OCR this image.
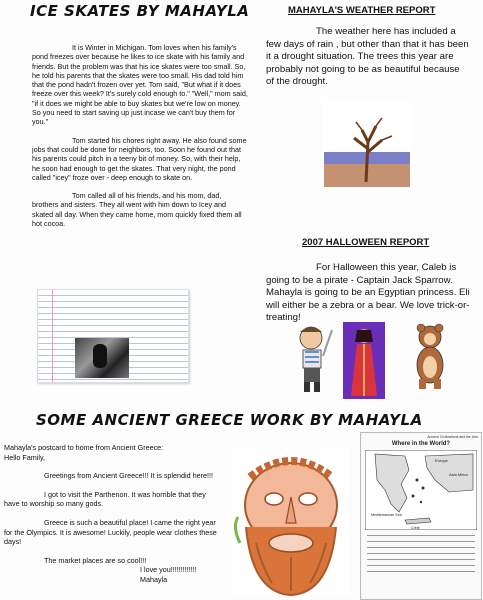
ICE SKATES BY MAHAYLA

It is Winter in Michigan. Tom loves when his family's pond freezes over because he likes to ice skate with his family and friends. But the problem was that his ice skates were too small. So, he told his parents that the skates were too small. His dad told him that the pond hadn't frozen over yet. Tom said, "But what if it does freeze over this week? It's surely cold enough to." "Well," mom said, "if it does we might be able to buy skates but we're low on money. So you need to start saving up just incase we can't buy them for you."

Tom started his chores right away. He also found some jobs that could be done for neighbors, too. Soon he found out that his parents could pitch in a teeny bit of money. So, with their help, he soon had enough to get the skates. That very night, the pond called "icey" froze over - deep enough to skate on.

Tom called all of his friends, and his mom, dad, brothers and sisters. They all went with him down to Icey and skated all day. When they came home, mom quickly fixed them all hot cocoa.

MAHAYLA'S WEATHER REPORT

The weather here has included a few days of rain , but other than that it has been it a drought situation. The trees this year are probably not going to be as beautiful because of the drought.

2007 HALLOWEEN REPORT

For Halloween this year, Caleb is going to be a pirate - Captain Jack Sparrow. Mahayla is going to be an Egyptian princess. Eli will either be a zebra or a bear. We love trick-or-treating!

SOME ANCIENT GREECE WORK BY MAHAYLA

Mahayla's postcard to home from Ancient Greece:

Hello Family,

Greetings from Ancient Greece!!! It is splendid here!!!

I got to visit the Parthenon. It was horrible that they have to worship so many gods.

Greece is such a beautiful place! I came the right year for the Olympics. It is awesome! Luckily, people wear clothes these days!

The market places are so cool!!!

I love you!!!!!!!!!!!!! Mahayla

Ancient Civilizations and the Arts
Where in the World?
Europe
Asia Minor
Mediterranean Sea
Crete
